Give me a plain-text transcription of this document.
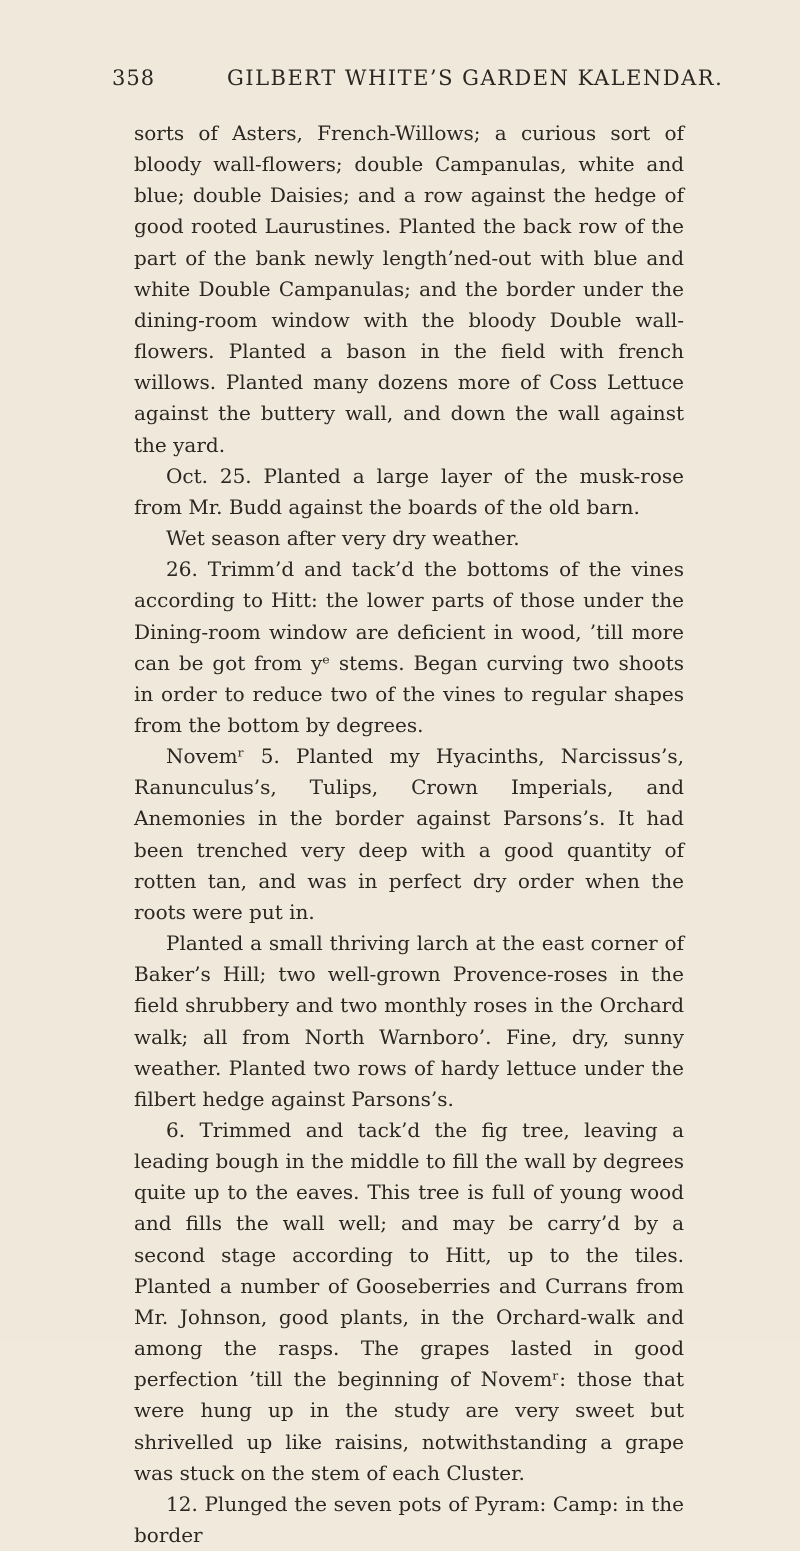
358	GILBERT WHITE’S GARDEN KALENDAR.

sorts of Asters, French-Willows; a curious sort of bloody wall-flowers; double Campanulas, white and blue; double Daisies; and a row against the hedge of good rooted Laurustines. Planted the back row of the part of the bank newly length’ned-out with blue and white Double Campanulas; and the border under the dining-room window with the bloody Double wall-flowers. Planted a bason in the field with french willows. Planted many dozens more of Coss Lettuce against the buttery wall, and down the wall against the yard.

Oct. 25. Planted a large layer of the musk-rose from Mr. Budd against the boards of the old barn.

Wet season after very dry weather.

26. Trimm’d and tack’d the bottoms of the vines according to Hitt: the lower parts of those under the Dining-room window are deficient in wood, ’till more can be got from yᵉ stems. Began curving two shoots in order to reduce two of the vines to regular shapes from the bottom by degrees.

Novemʳ 5. Planted my Hyacinths, Narcissus’s, Ranunculus’s, Tulips, Crown Imperials, and Anemonies in the border against Parsons’s. It had been trenched very deep with a good quantity of rotten tan, and was in perfect dry order when the roots were put in.

Planted a small thriving larch at the east corner of Baker’s Hill; two well-grown Provence-roses in the field shrubbery and two monthly roses in the Orchard walk; all from North Warnboro’. Fine, dry, sunny weather. Planted two rows of hardy lettuce under the filbert hedge against Parsons’s.

6. Trimmed and tack’d the fig tree, leaving a leading bough in the middle to fill the wall by degrees quite up to the eaves. This tree is full of young wood and fills the wall well; and may be carry’d by a second stage according to Hitt, up to the tiles. Planted a number of Gooseberries and Currans from Mr. Johnson, good plants, in the Orchard-walk and among the rasps. The grapes lasted in good perfection ’till the beginning of Novemʳ: those that were hung up in the study are very sweet but shrivelled up like raisins, notwithstanding a grape was stuck on the stem of each Cluster.

12. Plunged the seven pots of Pyram: Camp: in the border
